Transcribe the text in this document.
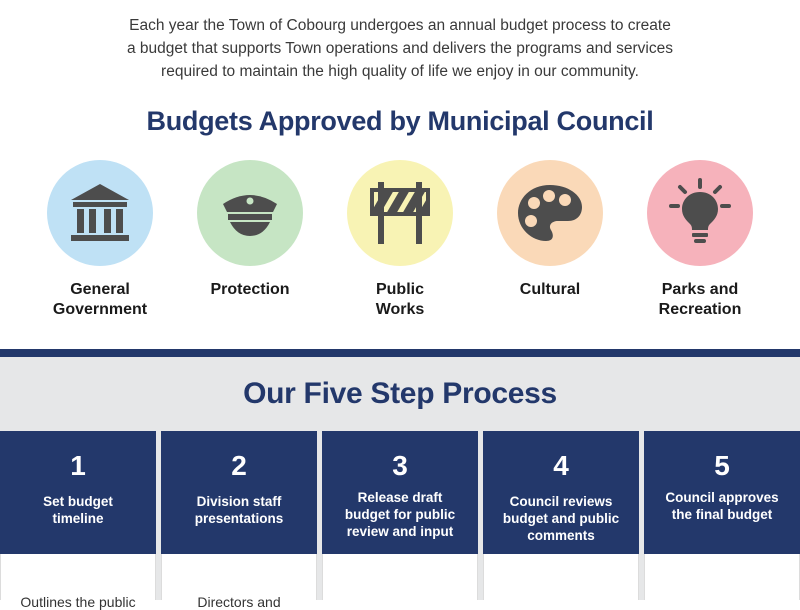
Each year the Town of Cobourg undergoes an annual budget process to create

a budget that supports Town operations and delivers the programs and services

required to maintain the high quality of life we enjoy in our community.

Budgets Approved by Municipal Council
General
Government
Protection	Public
Works
Cultural	Parks and
Recreation
Our Five Step Process
1
Set budget
timeline
Outlines the public
2
Division staff
presentations
Directors and
3
Release draft
budget for public
review and input
4
Council reviews
budget and public
comments
5
Council approves
the final budget
